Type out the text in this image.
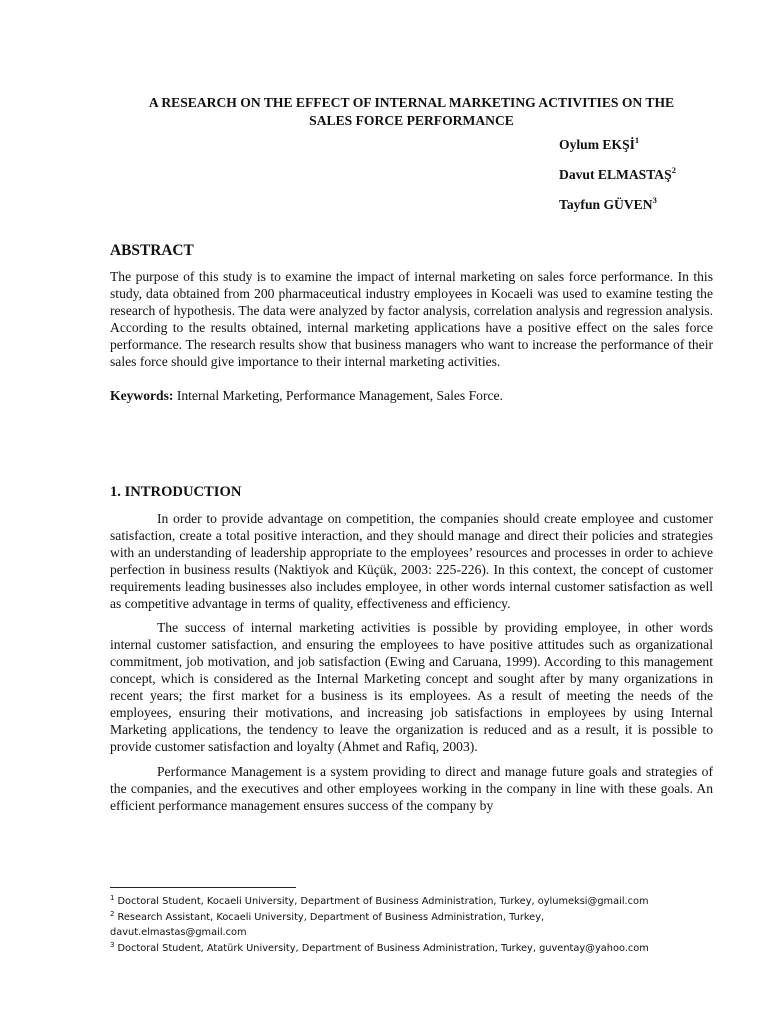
A RESEARCH ON THE EFFECT OF INTERNAL MARKETING ACTIVITIES ON THE
SALES FORCE PERFORMANCE
Oylum EKŞİ$^1$
Davut ELMASTAŞ$^2$
Tayfun GÜVEN$^3$
ABSTRACT

The purpose of this study is to examine the impact of internal marketing on sales force performance. In this study, data obtained from 200 pharmaceutical industry employees in Kocaeli was used to examine testing the research of hypothesis. The data were analyzed by factor analysis, correlation analysis and regression analysis. According to the results obtained, internal marketing applications have a positive effect on the sales force performance. The research results show that business managers who want to increase the performance of their sales force should give importance to their internal marketing activities.

Keywords: Internal Marketing, Performance Management, Sales Force.
1. INTRODUCTION

In order to provide advantage on competition, the companies should create employee and customer satisfaction, create a total positive interaction, and they should manage and direct their policies and strategies with an understanding of leadership appropriate to the employees’ resources and processes in order to achieve perfection in business results (Naktiyok and Küçük, 2003: 225-226). In this context, the concept of customer requirements leading businesses also includes employee, in other words internal customer satisfaction as well as competitive advantage in terms of quality, effectiveness and efficiency.

The success of internal marketing activities is possible by providing employee, in other words internal customer satisfaction, and ensuring the employees to have positive attitudes such as organizational commitment, job motivation, and job satisfaction (Ewing and Caruana, 1999). According to this management concept, which is considered as the Internal Marketing concept and sought after by many organizations in recent years; the first market for a business is its employees. As a result of meeting the needs of the employees, ensuring their motivations, and increasing job satisfactions in employees by using Internal Marketing applications, the tendency to leave the organization is reduced and as a result, it is possible to provide customer satisfaction and loyalty (Ahmet and Rafiq, 2003).

Performance Management is a system providing to direct and manage future goals and strategies of the companies, and the executives and other employees working in the company in line with these goals. An efficient performance management ensures success of the company by

$^1$ Doctoral Student, Kocaeli University, Department of Business Administration, Turkey, oylumeksi@gmail.com
$^2$ Research Assistant, Kocaeli University, Department of Business Administration, Turkey,
davut.elmastas@gmail.com
$^3$ Doctoral Student, Atatürk University, Department of Business Administration, Turkey, guventay@yahoo.com
